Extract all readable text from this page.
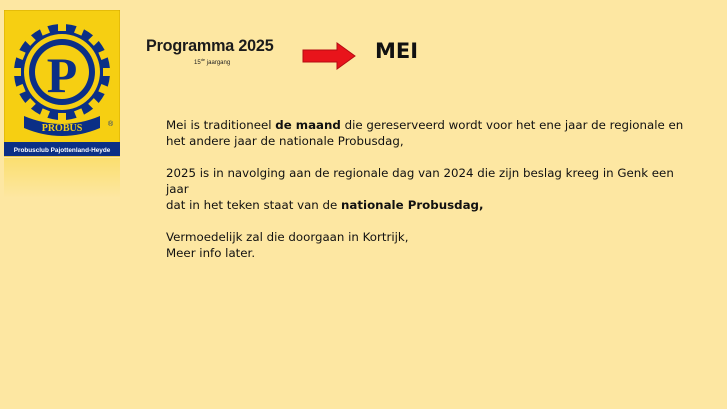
P
PROBUS	®
Probusclub Pajottenland-Heyde
Programma 2025
15de jaargang	MEI

Mei is traditioneel de maand die gereserveerd wordt voor het ene jaar de regionale en
het andere jaar de nationale Probusdag,

2025 is in navolging aan de regionale dag van 2024 die zijn beslag kreeg in Genk een jaar
dat in het teken staat van de nationale Probusdag,

Vermoedelijk zal die doorgaan in Kortrijk,
Meer info later.
